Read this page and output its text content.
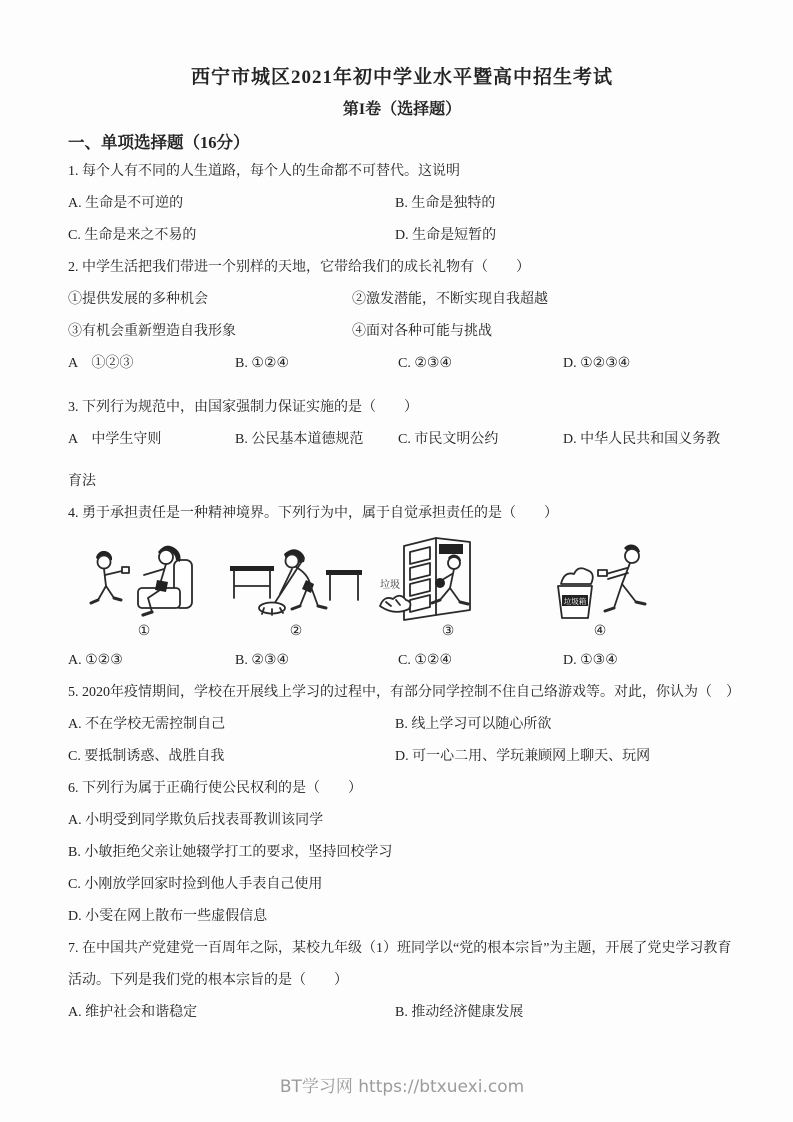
西宁市城区2021年初中学业水平暨高中招生考试
第I卷（选择题）
一、单项选择题（16分）
1. 每个人有不同的人生道路，每个人的生命都不可替代。这说明
A. 生命是不可逆的	B. 生命是独特的
C. 生命是来之不易的	D. 生命是短暂的
2. 中学生活把我们带进一个别样的天地，它带给我们的成长礼物有（　　）
①提供发展的多种机会	②激发潜能，不断实现自我超越
③有机会重新塑造自我形象	④面对各种可能与挑战
A　①②③	B. ①②④	C. ②③④	D. ①②③④
3. 下列行为规范中，由国家强制力保证实施的是（　　）
A　中学生守则	B. 公民基本道德规范	C. 市民文明公约	D. 中华人民共和国义务教
育法
4. 勇于承担责任是一种精神境界。下列行为中，属于自觉承担责任的是（　　）
①	②
垃圾
③
垃圾箱
④
A. ①②③	B. ②③④	C. ①②④	D. ①③④
5. 2020年疫情期间，学校在开展线上学习的过程中，有部分同学控制不住自己络游戏等。对此，你认为（　）
A. 不在学校无需控制自己	B. 线上学习可以随心所欲
C. 要抵制诱惑、战胜自我	D. 可一心二用、学玩兼顾网上聊天、玩网
6. 下列行为属于正确行使公民权利的是（　　）
A. 小明受到同学欺负后找表哥教训该同学
B. 小敏拒绝父亲让她辍学打工的要求，坚持回校学习
C. 小刚放学回家时捡到他人手表自己使用
D. 小雯在网上散布一些虚假信息
7. 在中国共产党建党一百周年之际，某校九年级（1）班同学以“党的根本宗旨”为主题，开展了党史学习教育活动。下列是我们党的根本宗旨的是（　　）
A. 维护社会和谐稳定	B. 推动经济健康发展
BT学习网 https://btxuexi.com
